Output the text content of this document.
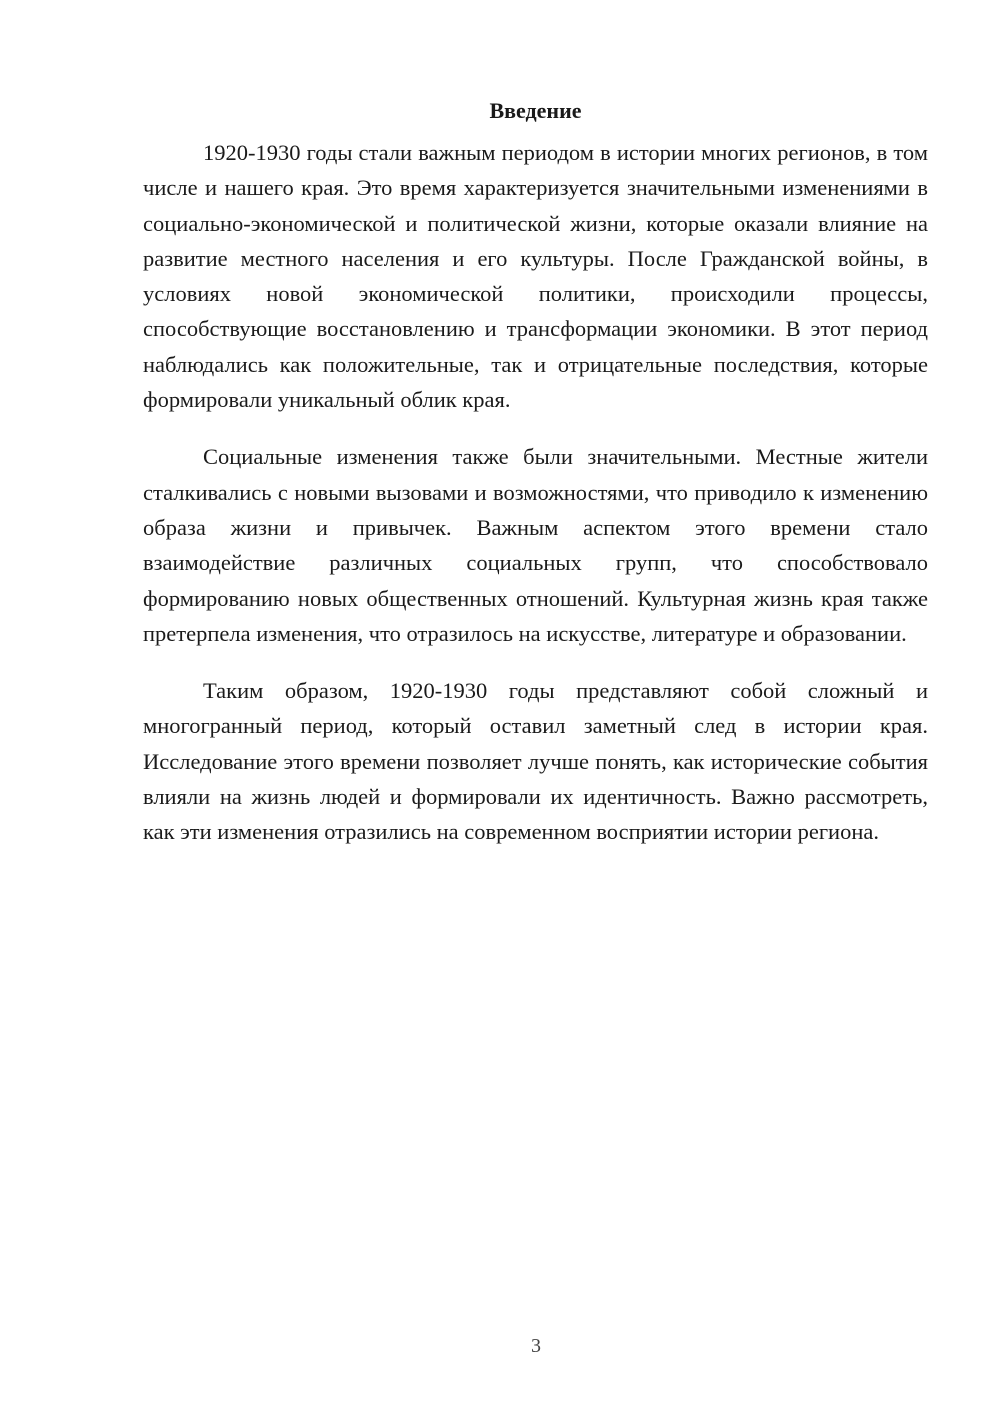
Введение

1920-1930 годы стали важным периодом в истории многих регионов, в том числе и нашего края. Это время характеризуется значительными изменениями в социально-экономической и политической жизни, которые оказали влияние на развитие местного населения и его культуры. После Гражданской войны, в условиях новой экономической политики, происходили процессы, способствующие восстановлению и трансформации экономики. В этот период наблюдались как положительные, так и отрицательные последствия, которые формировали уникальный облик края.

Социальные изменения также были значительными. Местные жители сталкивались с новыми вызовами и возможностями, что приводило к изменению образа жизни и привычек. Важным аспектом этого времени стало взаимодействие различных социальных групп, что способствовало формированию новых общественных отношений. Культурная жизнь края также претерпела изменения, что отразилось на искусстве, литературе и образовании.

Таким образом, 1920-1930 годы представляют собой сложный и многогранный период, который оставил заметный след в истории края. Исследование этого времени позволяет лучше понять, как исторические события влияли на жизнь людей и формировали их идентичность. Важно рассмотреть, как эти изменения отразились на современном восприятии истории региона.

3
